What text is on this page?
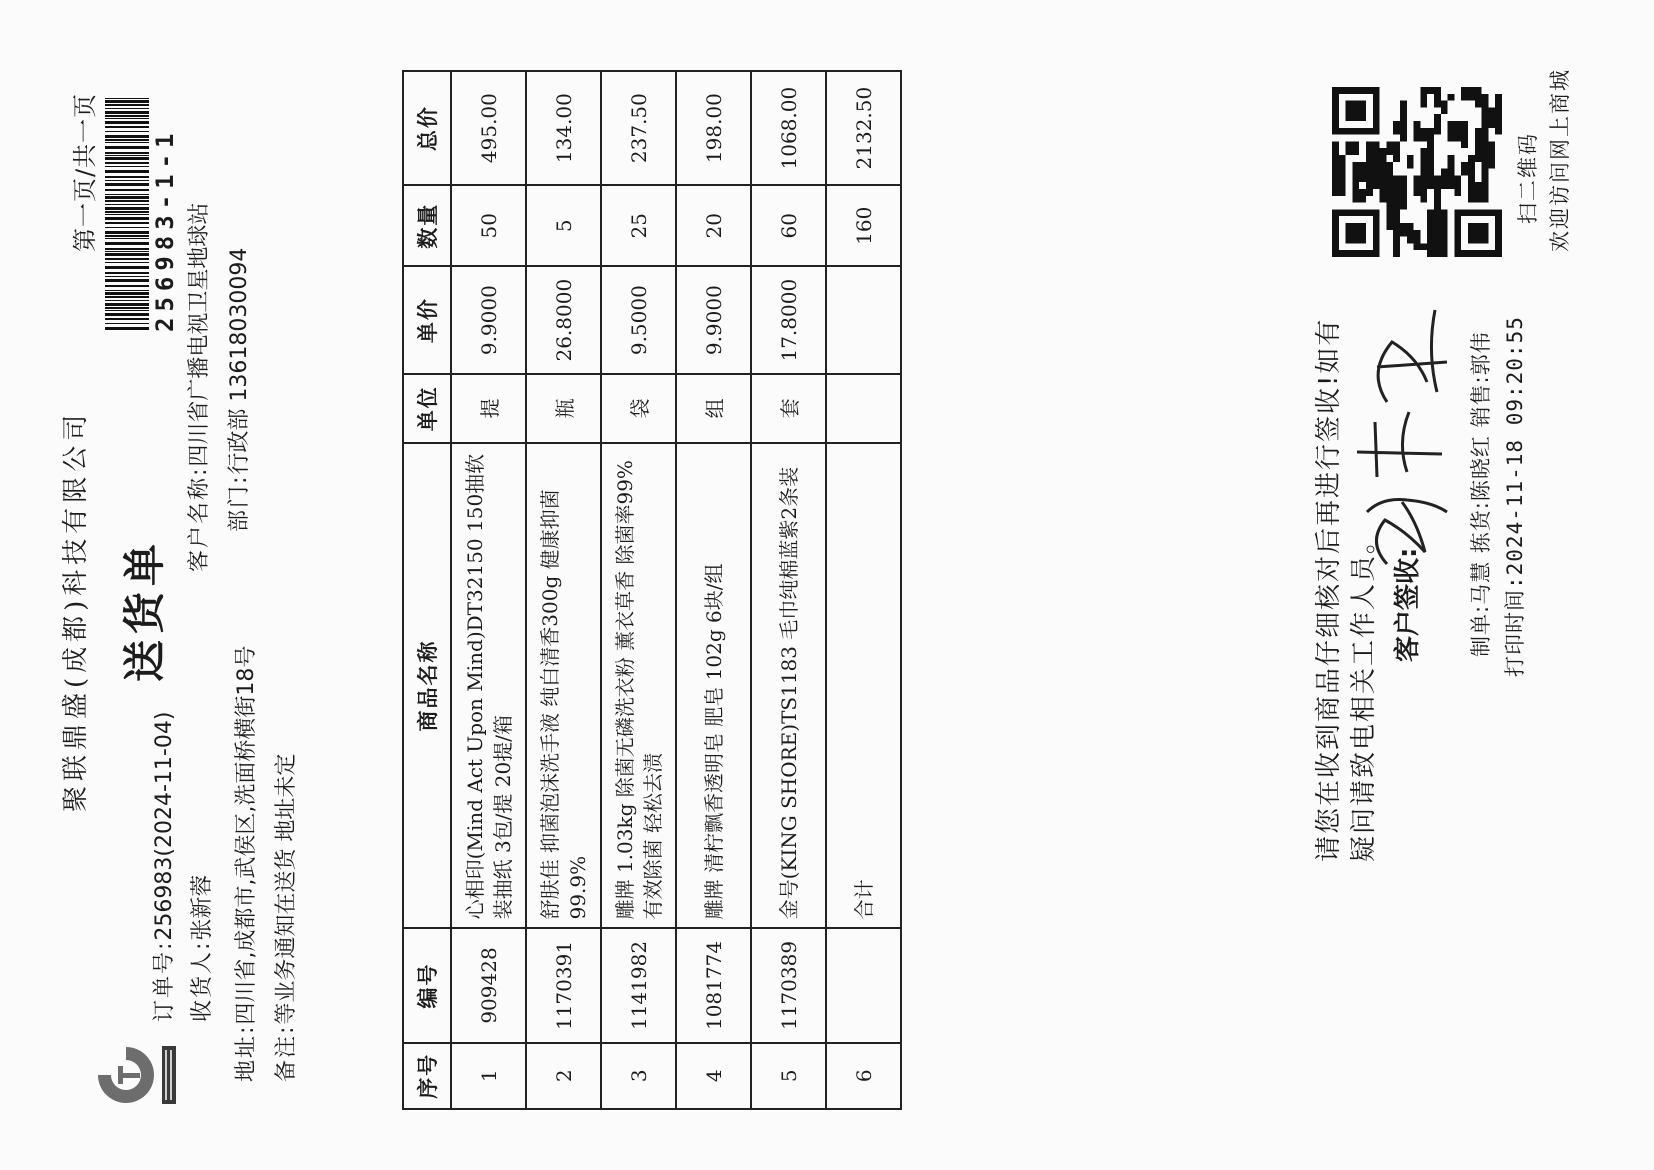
聚联鼎盛(成都)科技有限公司
第一页/共一页
送货单
256983-1-1
订单号:256983(2024-11-04)
收货人:张新蓉
地址:四川省,成都市,武侯区,洗面桥横街18号
备注:等业务通知在送货 地址未定
客户名称:四川省广播电视卫星地球站
部门:行政部 13618030094
序号	编号	商品名称	单位	单价	数量	总价
1	909428	心相印(Mind Act Upon Mind)DT32150 150抽软装抽纸 3包/提 20提/箱	提	9.9000	50	495.00
2	1170391	舒肤佳 抑菌泡沫洗手液 纯白清香300g 健康抑菌99.9%	瓶	26.8000	5	134.00
3	1141982	雕牌 1.03kg 除菌无磷洗衣粉 薰衣草香 除菌率99%有效除菌 轻松去渍	袋	9.5000	25	237.50
4	1081774	雕牌 清柠飘香透明皂 肥皂 102g 6块/组	组	9.9000	20	198.00
5	1170389	金号(KING SHORE)TS1183 毛巾纯棉蓝紫2条装	套	17.8000	60	1068.00
6		合计			160	2132.50
请您在收到商品仔细核对后再进行签收!如有疑问请致电相关工作人员。 客户签收: 制单:马慧 拣货:陈晓红 销售:郭伟 打印时间:2024-11-18 09:20:55
扫二维码 欢迎访问网上商城
